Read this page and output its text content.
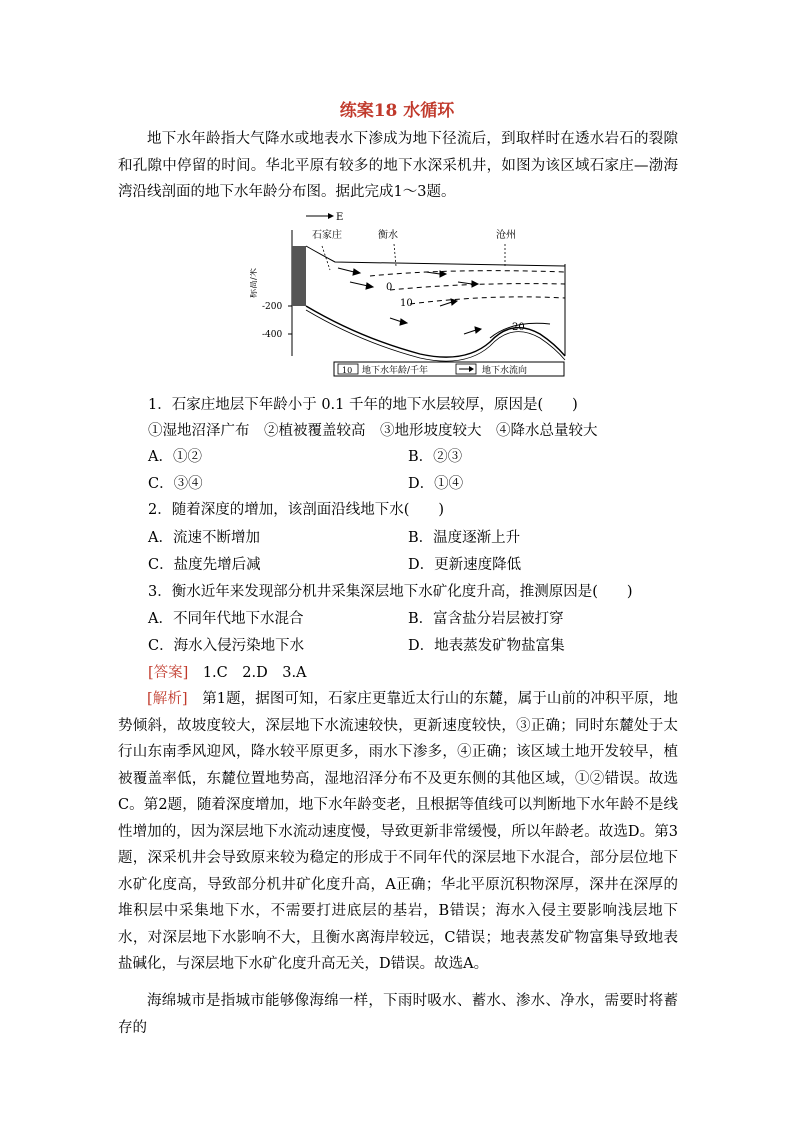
练案18 水循环

地下水年龄指大气降水或地表水下渗成为地下径流后，到取样时在透水岩石的裂隙和孔隙中停留的时间。华北平原有较多的地下水深采机井，如图为该区域石家庄—渤海湾沿线剖面的地下水年龄分布图。据此完成1～3题。

E
石家庄	衡水	沧州
0
10
20
-200
-400
标高/米
10 地下水年龄/千年	地下水流向
1．石家庄地层下年龄小于 0.1 千年的地下水层较厚，原因是(　　)
①湿地沼泽广布　②植被覆盖较高　③地形坡度较大　④降水总量较大
A．①②	B．②③
C．③④	D．①④
2．随着深度的增加，该剖面沿线地下水(　　)
A．流速不断增加	B．温度逐渐上升
C．盐度先增后减	D．更新速度降低
3．衡水近年来发现部分机井采集深层地下水矿化度升高，推测原因是(　　)
A．不同年代地下水混合	B．富含盐分岩层被打穿
C．海水入侵污染地下水	D．地表蒸发矿物盐富集
[答案]　1.C　2.D　3.A

[解析]　第1题，据图可知，石家庄更靠近太行山的东麓，属于山前的冲积平原，地势倾斜，故坡度较大，深层地下水流速较快，更新速度较快，③正确；同时东麓处于太行山东南季风迎风，降水较平原更多，雨水下渗多，④正确；该区域土地开发较早，植被覆盖率低，东麓位置地势高，湿地沼泽分布不及更东侧的其他区域，①②错误。故选C。第2题，随着深度增加，地下水年龄变老，且根据等值线可以判断地下水年龄不是线性增加的，因为深层地下水流动速度慢，导致更新非常缓慢，所以年龄老。故选D。第3题，深采机井会导致原来较为稳定的形成于不同年代的深层地下水混合，部分层位地下水矿化度高，导致部分机井矿化度升高，A正确；华北平原沉积物深厚，深井在深厚的堆积层中采集地下水，不需要打进底层的基岩，B错误；海水入侵主要影响浅层地下水，对深层地下水影响不大，且衡水离海岸较远，C错误；地表蒸发矿物富集导致地表盐碱化，与深层地下水矿化度升高无关，D错误。故选A。

海绵城市是指城市能够像海绵一样，下雨时吸水、蓄水、渗水、净水，需要时将蓄存的
